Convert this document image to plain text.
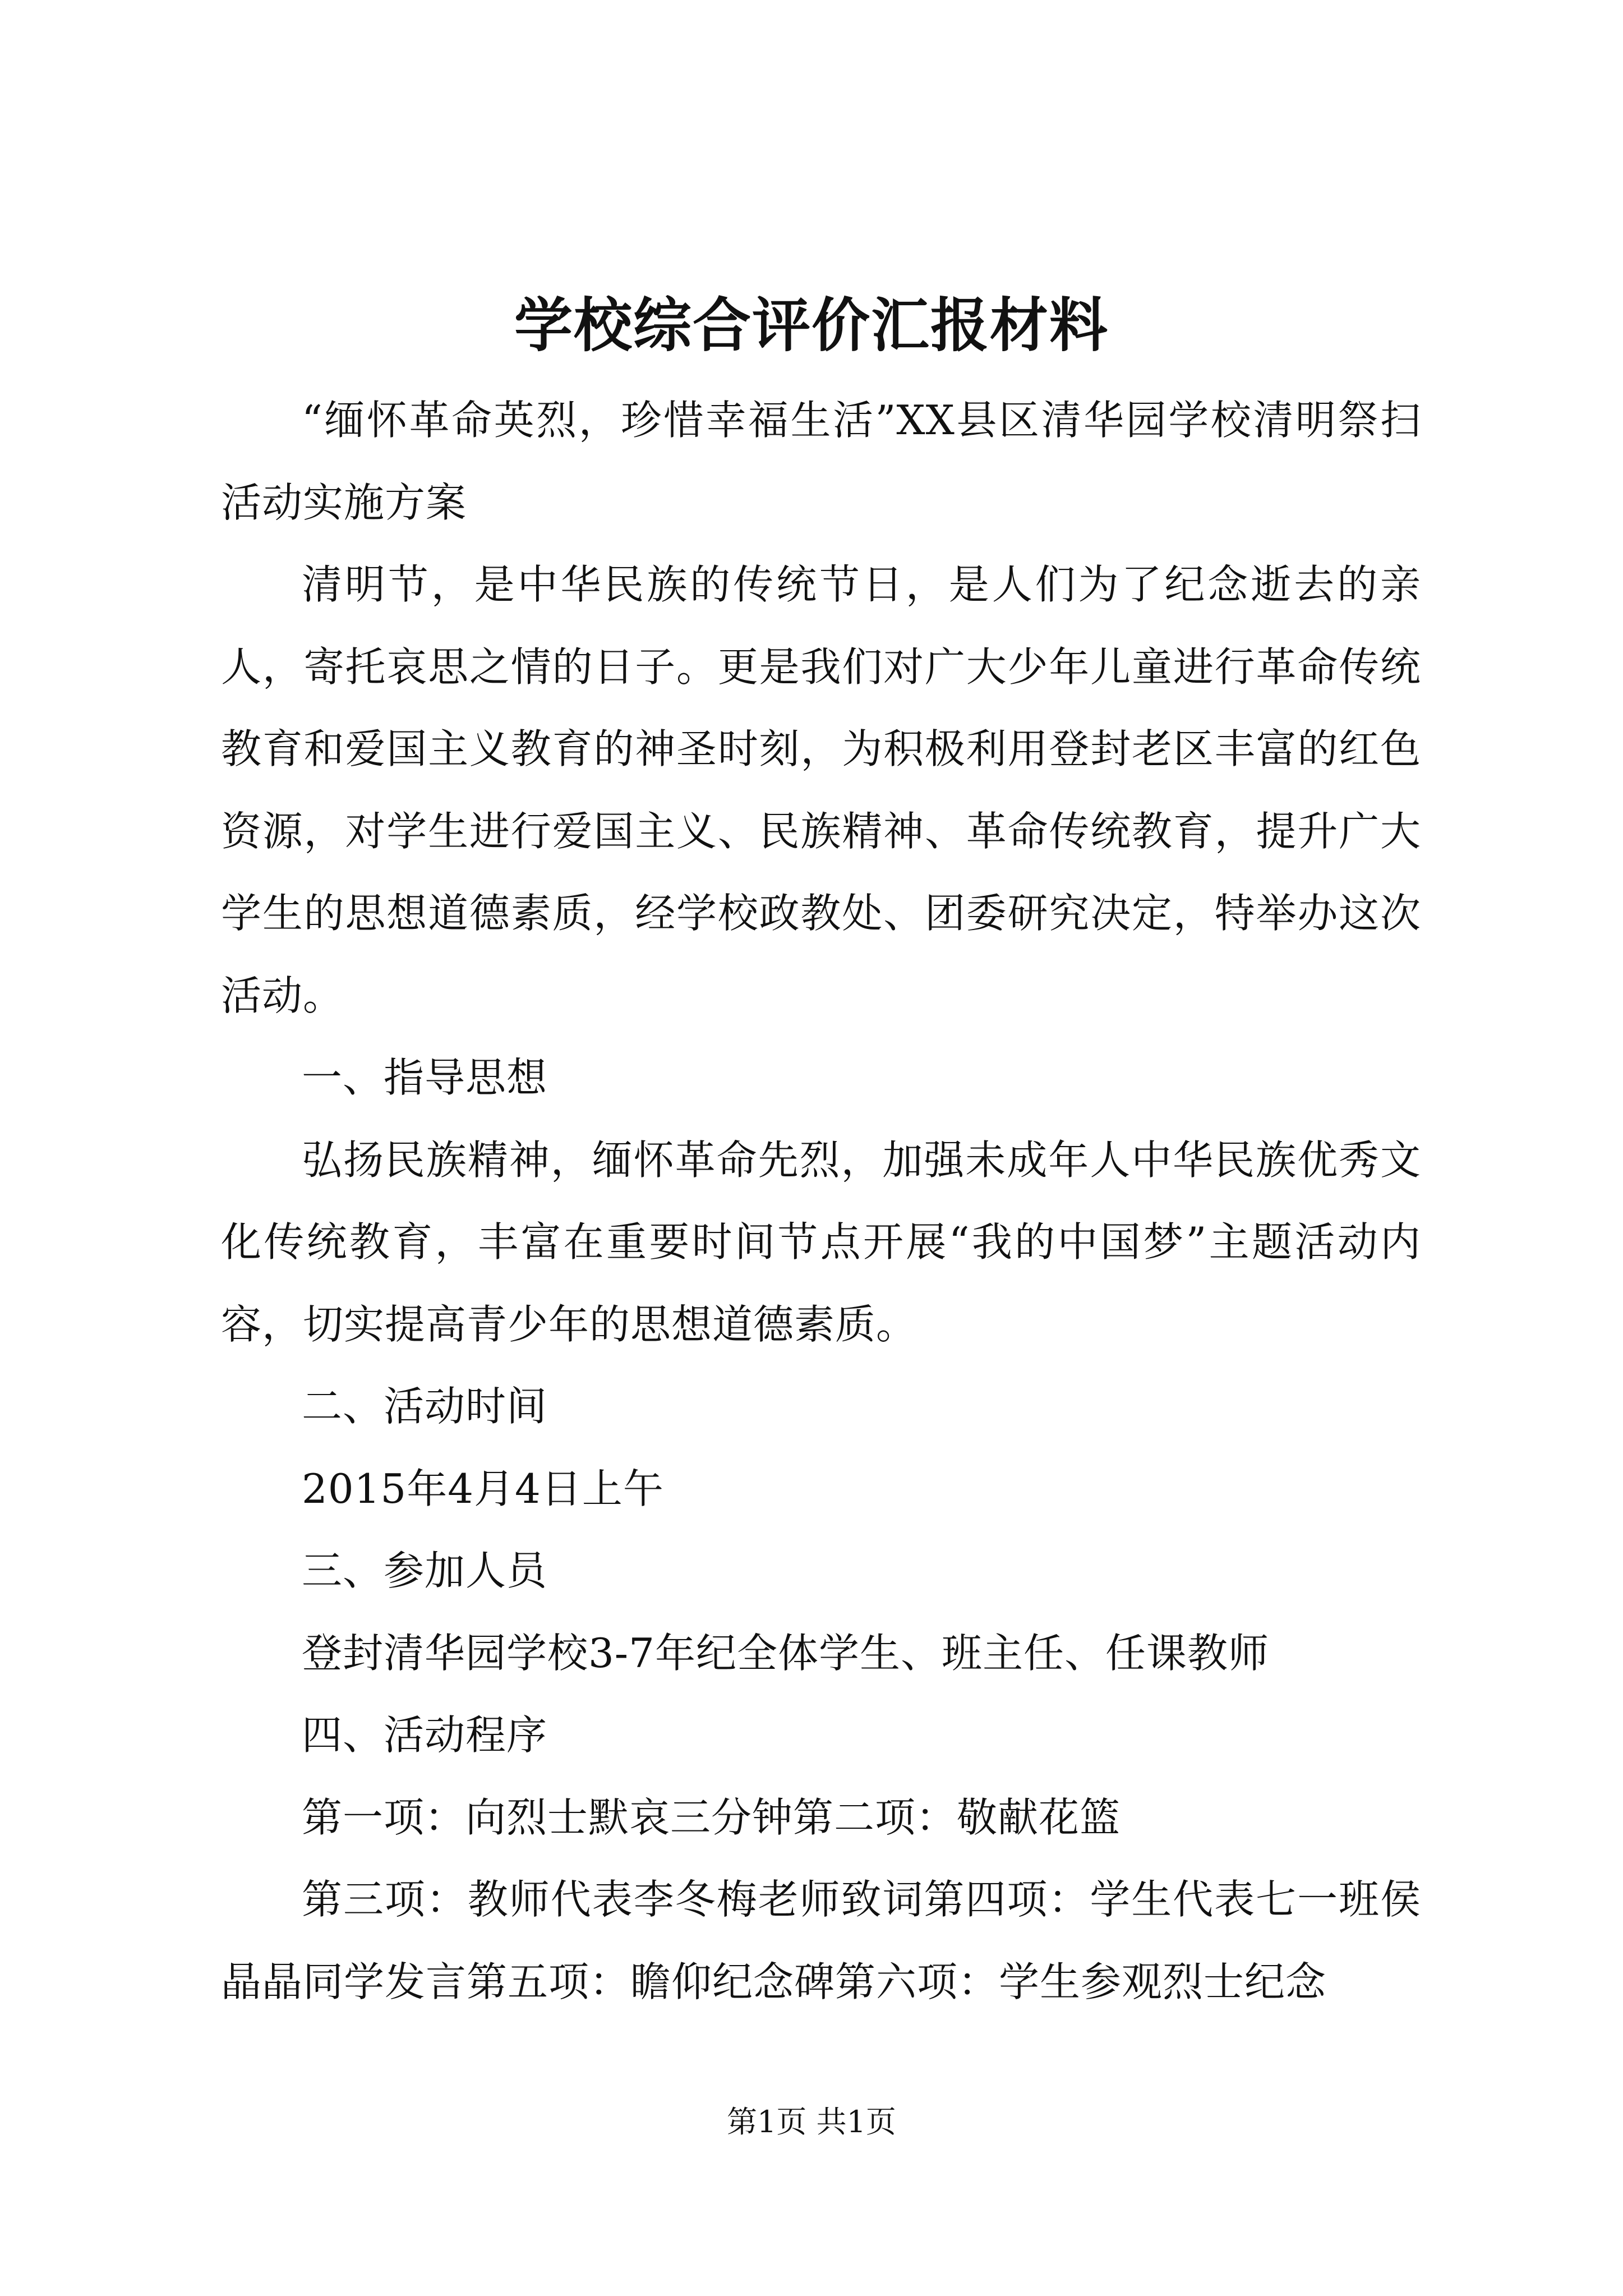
学校综合评价汇报材料

“缅怀革命英烈，珍惜幸福生活”XX县区清华园学校清明祭扫活动实施方案

清明节，是中华民族的传统节日，是人们为了纪念逝去的亲人，寄托哀思之情的日子。更是我们对广大少年儿童进行革命传统教育和爱国主义教育的神圣时刻，为积极利用登封老区丰富的红色资源，对学生进行爱国主义、民族精神、革命传统教育，提升广大学生的思想道德素质，经学校政教处、团委研究决定，特举办这次活动。

一、指导思想

弘扬民族精神，缅怀革命先烈，加强未成年人中华民族优秀文化传统教育，丰富在重要时间节点开展“我的中国梦”主题活动内容，切实提高青少年的思想道德素质。

二、活动时间

2015年4月4日上午

三、参加人员

登封清华园学校3-7年纪全体学生、班主任、任课教师

四、活动程序

第一项：向烈士默哀三分钟第二项：敬献花篮

第三项：教师代表李冬梅老师致词第四项：学生代表七一班侯晶晶同学发言第五项：瞻仰纪念碑第六项：学生参观烈士纪念

第1页 共1页
